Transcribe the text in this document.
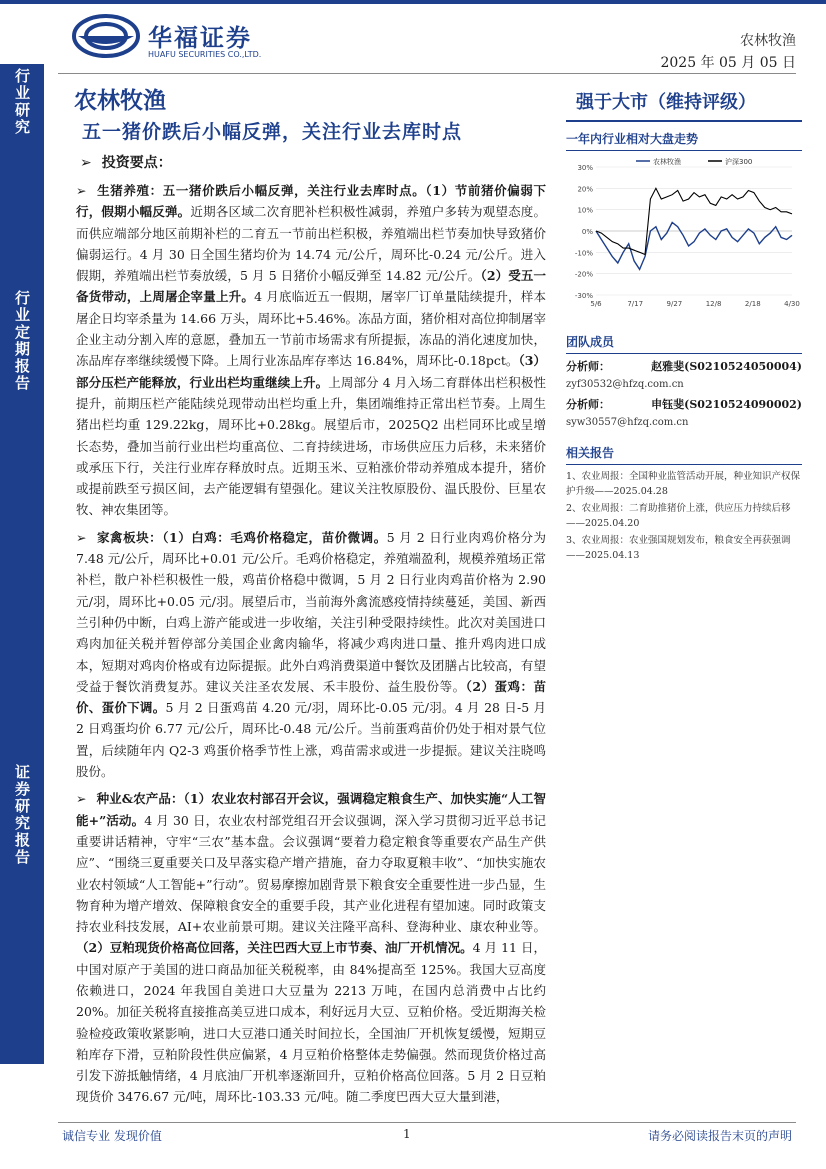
华福证券
HUAFU SECURITIES CO.,LTD.
农林牧渔
2025 年 05 月 05 日
行业研究
行业定期报告
证券研究报告
农林牧渔
五一猪价跌后小幅反弹，关注行业去库时点
➢ 投资要点：

➢ 生猪养殖：五一猪价跌后小幅反弹，关注行业去库时点。（1）节前猪价偏弱下行，假期小幅反弹。近期各区域二次育肥补栏积极性减弱，养殖户多转为观望态度。而供应端部分地区前期补栏的二育五一节前出栏积极，养殖端出栏节奏加快导致猪价偏弱运行。4 月 30 日全国生猪均价为 14.74 元/公斤，周环比-0.24 元/公斤。进入假期，养殖端出栏节奏放缓，5 月 5 日猪价小幅反弹至 14.82 元/公斤。（2）受五一备货带动，上周屠企宰量上升。4 月底临近五一假期，屠宰厂订单量陆续提升，样本屠企日均宰杀量为 14.66 万头，周环比+5.46%。冻品方面，猪价相对高位抑制屠宰企业主动分割入库的意愿，叠加五一节前市场需求有所提振，冻品的消化速度加快，冻品库存率继续缓慢下降。上周行业冻品库存率达 16.84%，周环比-0.18pct。（3）部分压栏产能释放，行业出栏均重继续上升。上周部分 4 月入场二育群体出栏积极性提升，前期压栏产能陆续兑现带动出栏均重上升，集团端维持正常出栏节奏。上周生猪出栏均重 129.22kg，周环比+0.28kg。展望后市，2025Q2 出栏同环比或呈增长态势，叠加当前行业出栏均重高位、二育持续进场，市场供应压力后移，未来猪价或承压下行，关注行业库存释放时点。近期玉米、豆粕涨价带动养殖成本提升，猪价或提前跌至亏损区间，去产能逻辑有望强化。建议关注牧原股份、温氏股份、巨星农牧、神农集团等。

➢ 家禽板块：（1）白鸡：毛鸡价格稳定，苗价微调。5 月 2 日行业肉鸡价格分为 7.48 元/公斤，周环比+0.01 元/公斤。毛鸡价格稳定，养殖端盈利，规模养殖场正常补栏，散户补栏积极性一般，鸡苗价格稳中微调，5 月 2 日行业肉鸡苗价格为 2.90 元/羽，周环比+0.05 元/羽。展望后市，当前海外禽流感疫情持续蔓延，美国、新西兰引种仍中断，白鸡上游产能或进一步收缩，关注引种受限持续性。此次对美国进口鸡肉加征关税并暂停部分美国企业禽肉输华，将减少鸡肉进口量、推升鸡肉进口成本，短期对鸡肉价格或有边际提振。此外白鸡消费渠道中餐饮及团膳占比较高，有望受益于餐饮消费复苏。建议关注圣农发展、禾丰股份、益生股份等。（2）蛋鸡：苗价、蛋价下调。5 月 2 日蛋鸡苗 4.20 元/羽，周环比-0.05 元/羽。4 月 28 日-5 月 2 日鸡蛋均价 6.77 元/公斤，周环比-0.48 元/公斤。当前蛋鸡苗价仍处于相对景气位置，后续随年内 Q2-3 鸡蛋价格季节性上涨，鸡苗需求或进一步提振。建议关注晓鸣股份。

➢ 种业&农产品：（1）农业农村部召开会议，强调稳定粮食生产、加快实施“人工智能+”活动。4 月 30 日，农业农村部党组召开会议强调，深入学习贯彻习近平总书记重要讲话精神，守牢“三农”基本盘。会议强调“要着力稳定粮食等重要农产品生产供应”、“围绕三夏重要关口及早落实稳产增产措施，奋力夺取夏粮丰收”、“加快实施农业农村领域“人工智能+”行动”。贸易摩擦加剧背景下粮食安全重要性进一步凸显，生物育种为增产增效、保障粮食安全的重要手段，其产业化进程有望加速。同时政策支持农业科技发展，AI+农业前景可期。建议关注隆平高科、登海种业、康农种业等。（2）豆粕现货价格高位回落，关注巴西大豆上市节奏、油厂开机情况。4 月 11 日，中国对原产于美国的进口商品加征关税税率，由 84%提高至 125%。我国大豆高度依赖进口，2024 年我国自美进口大豆量为 2213 万吨，在国内总消费中占比约 20%。加征关税将直接推高美豆进口成本，利好远月大豆、豆粕价格。受近期海关检验检疫政策收紧影响，进口大豆港口通关时间拉长，全国油厂开机恢复缓慢，短期豆粕库存下滑，豆粕阶段性供应偏紧，4 月豆粕价格整体走势偏强。然而现货价格过高引发下游抵触情绪，4 月底油厂开机率逐渐回升，豆粕价格高位回落。5 月 2 日豆粕现货价 3476.67 元/吨，周环比-103.33 元/吨。随二季度巴西大豆大量到港，

强于大市（维持评级）
一年内行业相对大盘走势
30%
20%
10%
0%
-10%
-20%
-30%
5/6	7/17	9/27	12/8	2/18	4/30
农林牧渔	沪深300
团队成员
分析师：	赵雅斐(S0210524050004)
zyf30532@hfzq.com.cn
分析师：	申钰斐(S0210524090002)
syw30557@hfzq.com.cn
相关报告

1、农业周报：全国种业监管活动开展，种业知识产权保护升级——2025.04.28

2、农业周报：二育助推猪价上涨，供应压力持续后移——2025.04.20

3、农业周报：农业强国规划发布，粮食安全再获强调——2025.04.13

诚信专业 发现价值	1	请务必阅读报告末页的声明
